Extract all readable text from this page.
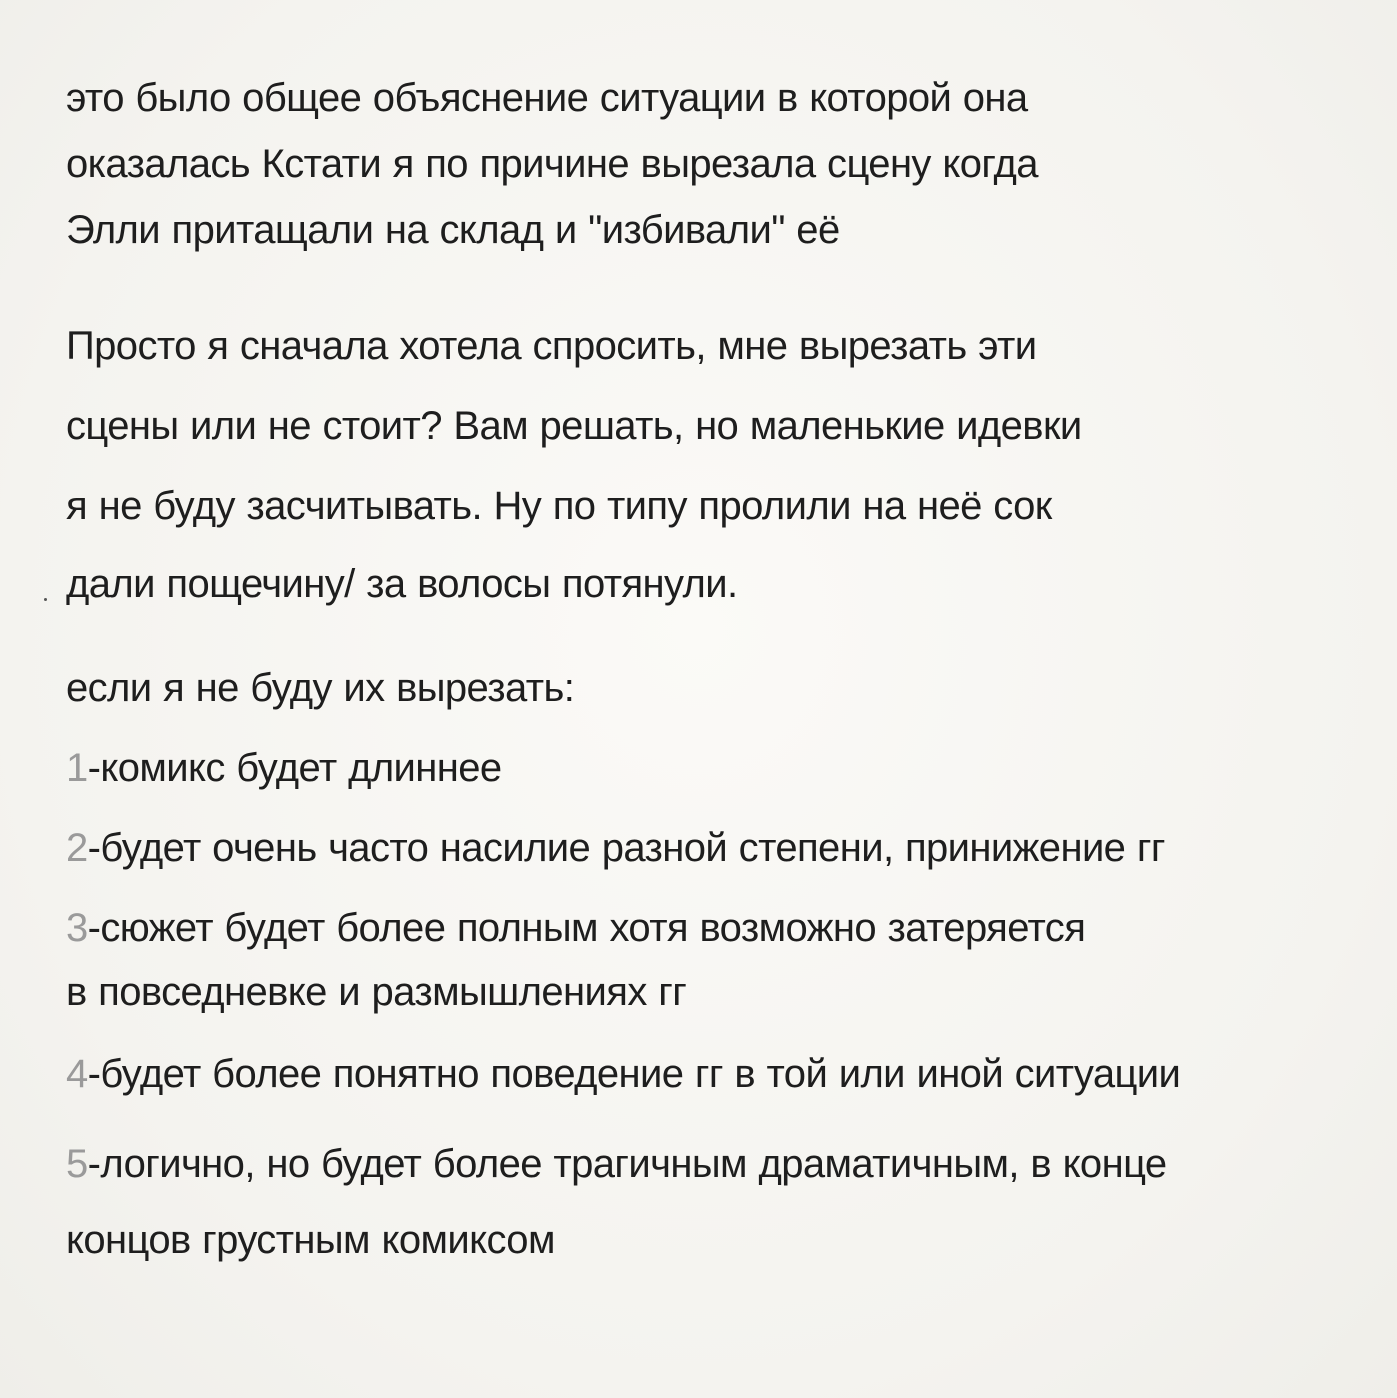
это было общее объяснение ситуации в которой она
оказалась Кстати я по причине вырезала сцену когда
Элли притащали на склад и "избивали" её
Просто я сначала хотела спросить, мне вырезать эти
сцены или не стоит? Вам решать, но маленькие идевки
я не буду засчитывать. Ну по типу пролили на неё сок
дали пощечину/ за волосы потянули.
если я не буду их вырезать:
1-комикс будет длиннее
2-будет очень часто насилие разной степени, принижение гг
3-сюжет будет более полным хотя возможно затеряется
в повседневке и размышлениях гг
4-будет более понятно поведение гг в той или иной ситуации
5-логично, но будет более трагичным драматичным, в конце
концов грустным комиксом
